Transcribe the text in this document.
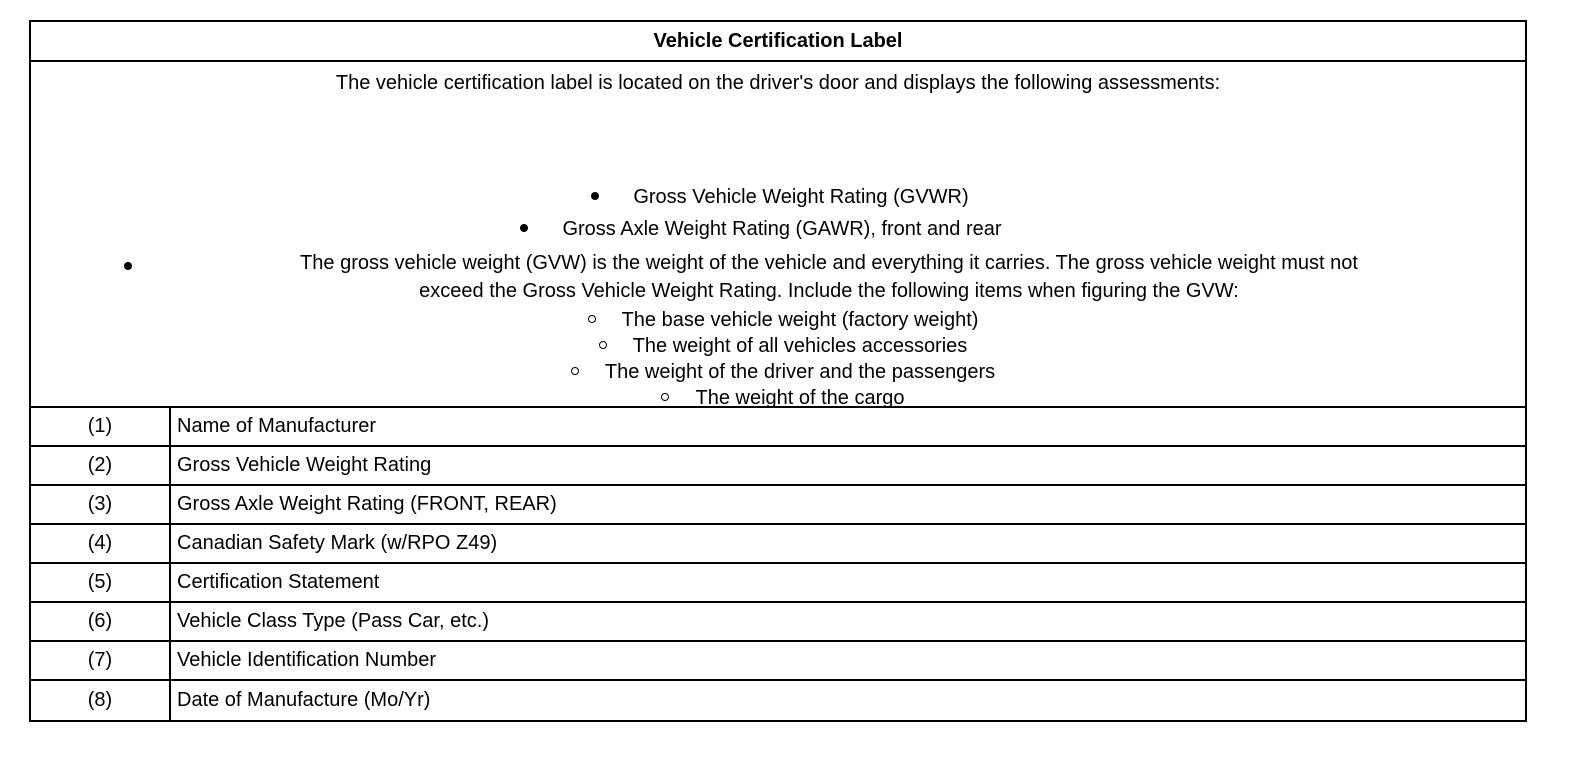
Vehicle Certification Label
The vehicle certification label is located on the driver's door and displays the following assessments:
Gross Vehicle Weight Rating (GVWR)
Gross Axle Weight Rating (GAWR), front and rear
The gross vehicle weight (GVW) is the weight of the vehicle and everything it carries. The gross vehicle weight must not
exceed the Gross Vehicle Weight Rating. Include the following items when figuring the GVW:
The base vehicle weight (factory weight)
The weight of all vehicles accessories
The weight of the driver and the passengers
The weight of the cargo
(1)	Name of Manufacturer
(2)	Gross Vehicle Weight Rating
(3)	Gross Axle Weight Rating (FRONT, REAR)
(4)	Canadian Safety Mark (w/RPO Z49)
(5)	Certification Statement
(6)	Vehicle Class Type (Pass Car, etc.)
(7)	Vehicle Identification Number
(8)	Date of Manufacture (Mo/Yr)
